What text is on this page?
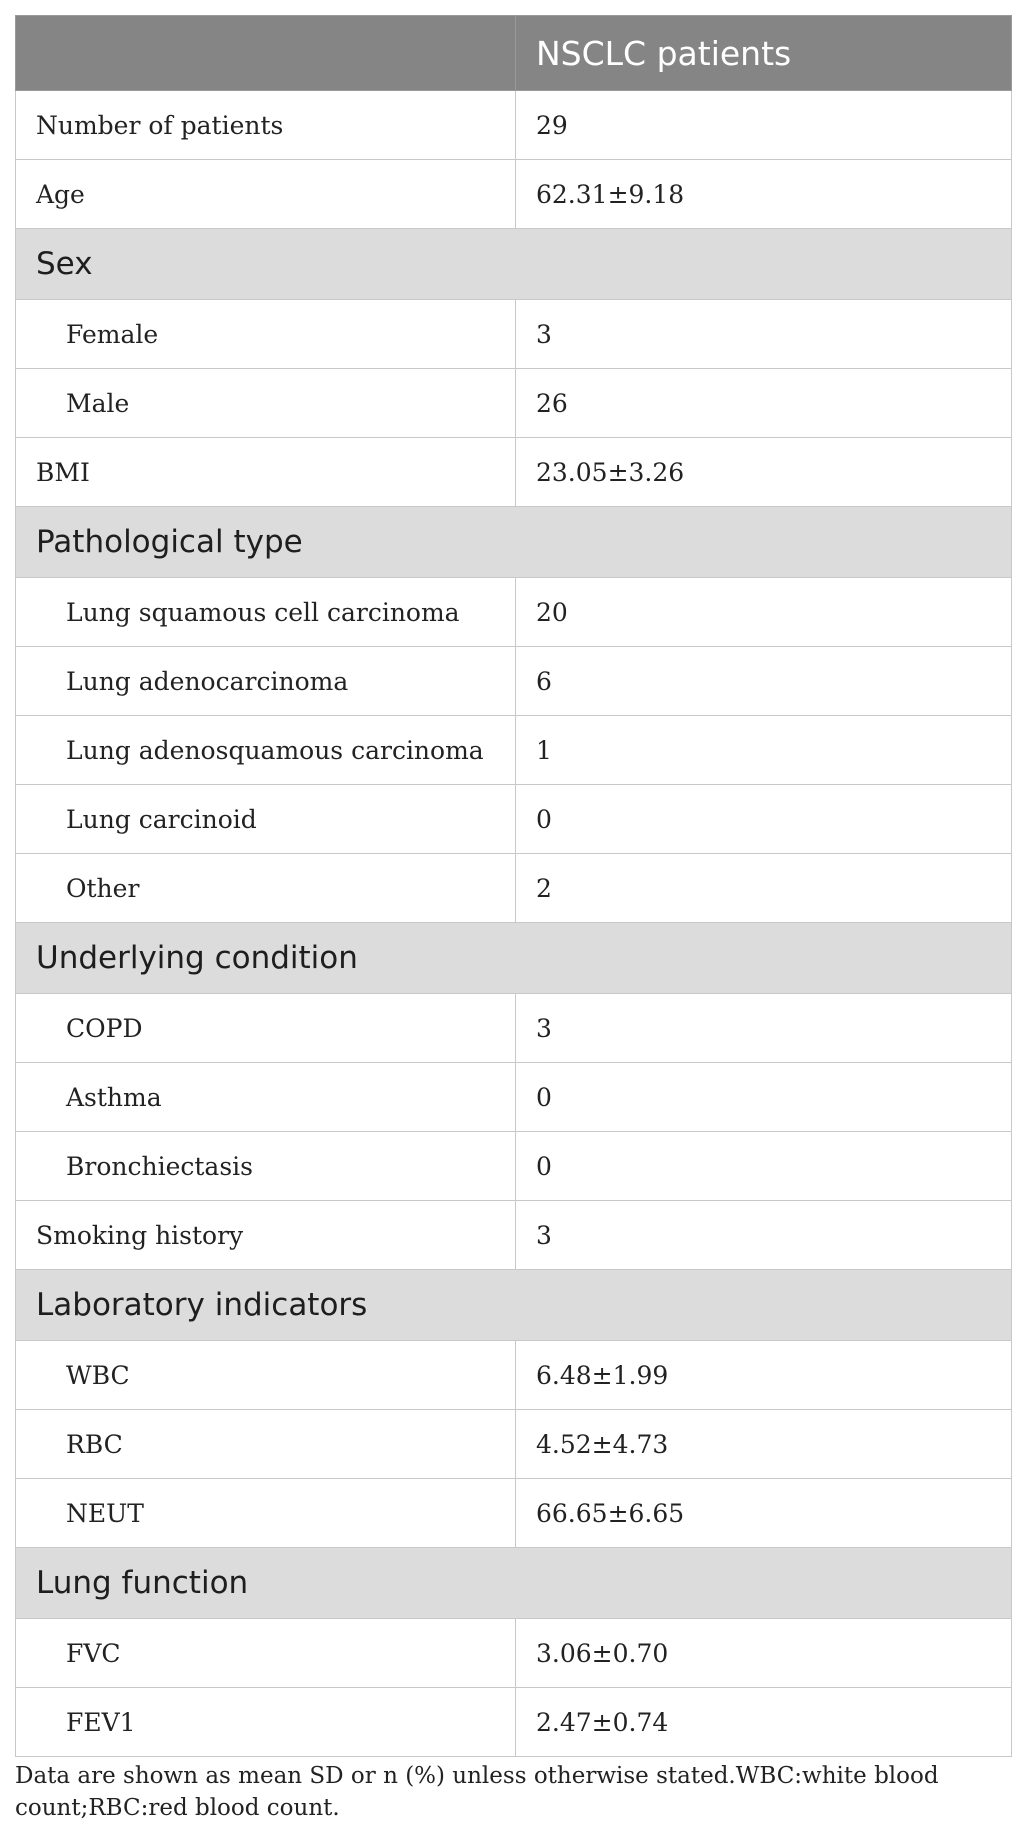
	NSCLC patients
Number of patients	29
Age	62.31±9.18
Sex	
Female	3
Male	26
BMI	23.05±3.26
Pathological type	
Lung squamous cell carcinoma	20
Lung adenocarcinoma	6
Lung adenosquamous carcinoma	1
Lung carcinoid	0
Other	2
Underlying condition	
COPD	3
Asthma	0
Bronchiectasis	0
Smoking history	3
Laboratory indicators	
WBC	6.48±1.99
RBC	4.52±4.73
NEUT	66.65±6.65
Lung function	
FVC	3.06±0.70
FEV1	2.47±0.74
Data are shown as mean SD or n (%) unless otherwise stated.WBC:white blood count;RBC:red blood count.
